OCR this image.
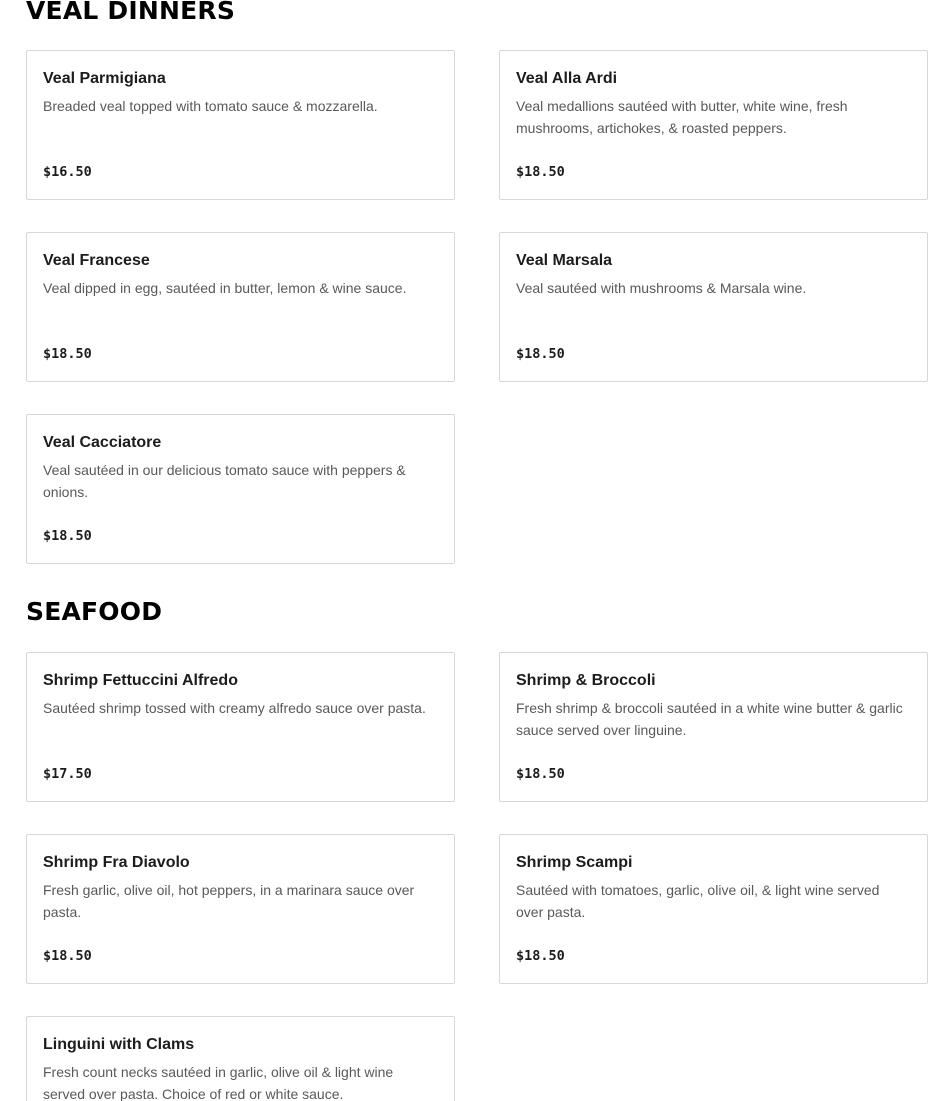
VEAL DINNERS
Veal Parmigiana
Breaded veal topped with tomato sauce & mozzarella.
$16.50
Veal Alla Ardi
Veal medallions sautéed with butter, white wine, fresh mushrooms, artichokes, & roasted peppers.
$18.50
Veal Francese
Veal dipped in egg, sautéed in butter, lemon & wine sauce.
$18.50
Veal Marsala
Veal sautéed with mushrooms & Marsala wine.
$18.50
Veal Cacciatore
Veal sautéed in our delicious tomato sauce with peppers & onions.
$18.50
SEAFOOD
Shrimp Fettuccini Alfredo
Sautéed shrimp tossed with creamy alfredo sauce over pasta.
$17.50
Shrimp & Broccoli
Fresh shrimp & broccoli sautéed in a white wine butter & garlic sauce served over linguine.
$18.50
Shrimp Fra Diavolo
Fresh garlic, olive oil, hot peppers, in a marinara sauce over pasta.
$18.50
Shrimp Scampi
Sautéed with tomatoes, garlic, olive oil, & light wine served over pasta.
$18.50
Linguini with Clams
Fresh count necks sautéed in garlic, olive oil & light wine served over pasta. Choice of red or white sauce.
